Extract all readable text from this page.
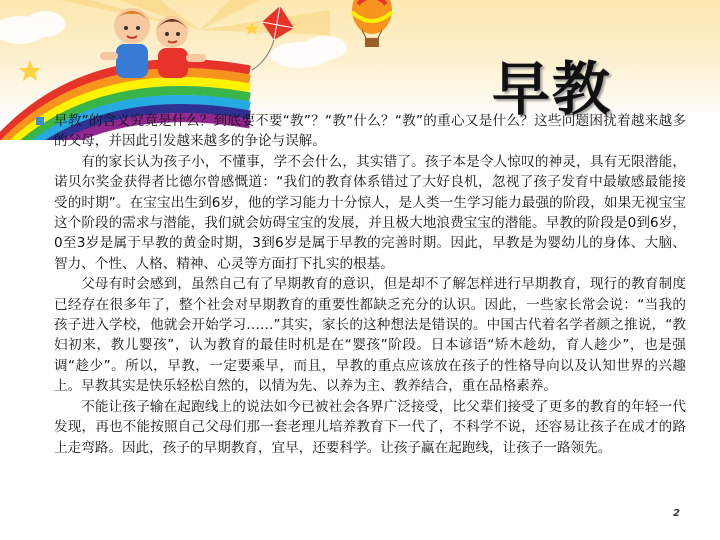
早教

早教”的含义究竟是什么？到底要不要“教”？“教”什么？“教”的重心又是什么？这些问题困扰着越来越多的父母，并因此引发越来越多的争论与误解。

有的家长认为孩子小，不懂事，学不会什么，其实错了。孩子本是令人惊叹的神灵，具有无限潜能，诺贝尔奖金获得者比德尔曾感慨道：“我们的教育体系错过了大好良机，忽视了孩子发育中最敏感最能接受的时期”。在宝宝出生到6岁，他的学习能力十分惊人，是人类一生学习能力最强的阶段，如果无视宝宝这个阶段的需求与潜能，我们就会妨碍宝宝的发展，并且极大地浪费宝宝的潜能。早教的阶段是0到6岁，0至3岁是属于早教的黄金时期，3到6岁是属于早教的完善时期。因此，早教是为婴幼儿的身体、大脑、智力、个性、人格、精神、心灵等方面打下扎实的根基。

父母有时会感到，虽然自己有了早期教育的意识，但是却不了解怎样进行早期教育，现行的教育制度已经存在很多年了，整个社会对早期教育的重要性都缺乏充分的认识。因此，一些家长常会说：“当我的孩子进入学校，他就会开始学习……”其实，家长的这种想法是错误的。中国古代着名学者颜之推说，“教妇初来，教儿婴孩”，认为教育的最佳时机是在“婴孩”阶段。日本谚语“矫木趁幼，育人趁少”，也是强调“趁少”。所以，早教，一定要乘早，而且，早教的重点应该放在孩子的性格导向以及认知世界的兴趣上。早教其实是快乐轻松自然的，以情为先、以养为主、教养结合，重在品格素养。

不能让孩子输在起跑线上的说法如今已被社会各界广泛接受，比父辈们接受了更多的教育的年轻一代发现，再也不能按照自己父母们那一套老理儿培养教育下一代了，不科学不说，还容易让孩子在成才的路上走弯路。因此，孩子的早期教育，宜早，还要科学。让孩子赢在起跑线，让孩子一路领先。

2
